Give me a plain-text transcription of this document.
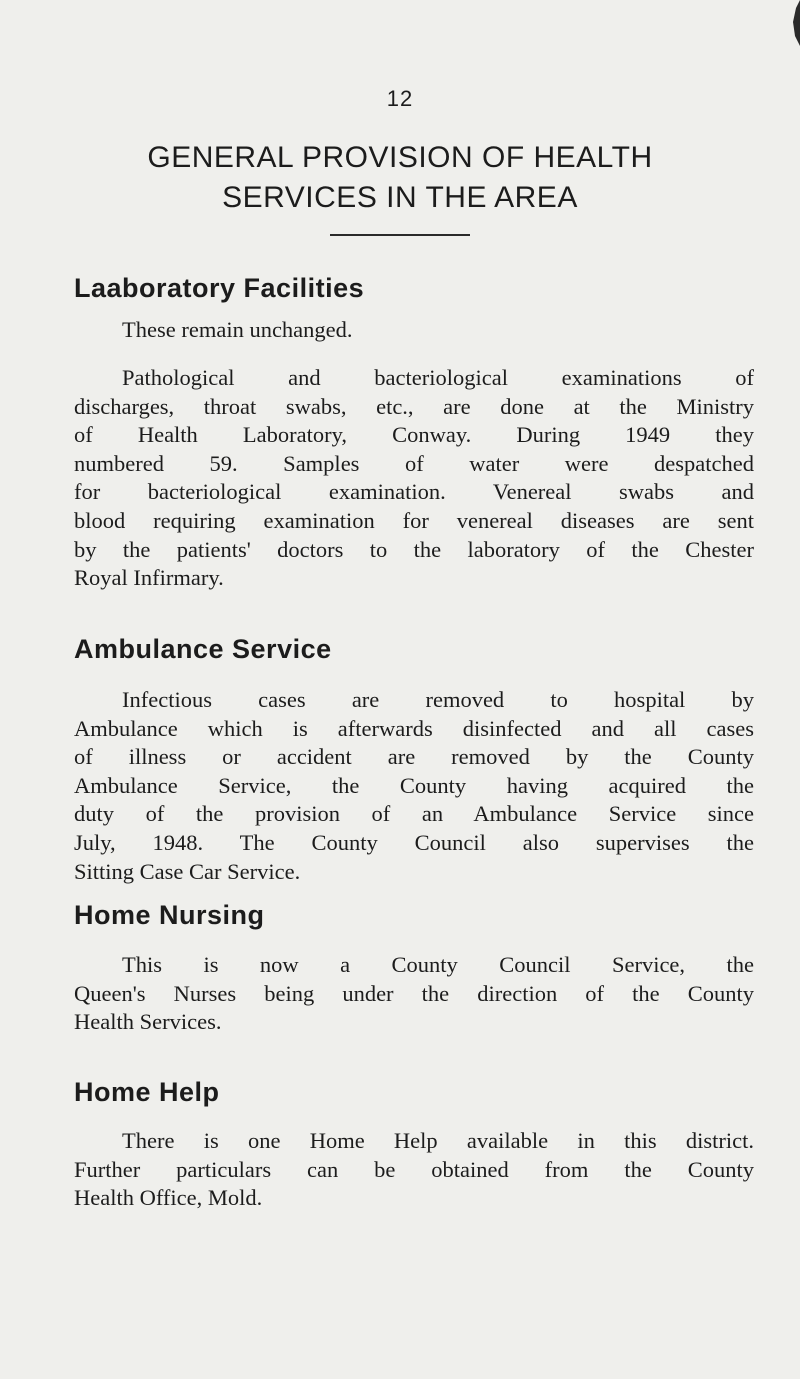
12
GENERAL PROVISION OF HEALTH
SERVICES IN THE AREA
Laaboratory Facilities

These remain unchanged.

Pathological and bacteriological examinations of
discharges, throat swabs, etc., are done at the Ministry
of Health Laboratory, Conway. During 1949 they
numbered 59. Samples of water were despatched
for bacteriological examination. Venereal swabs and
blood requiring examination for venereal diseases are sent
by the patients' doctors to the laboratory of the Chester
Royal Infirmary.

Ambulance Service

Infectious cases are removed to hospital by
Ambulance which is afterwards disinfected and all cases
of illness or accident are removed by the County
Ambulance Service, the County having acquired the
duty of the provision of an Ambulance Service since
July, 1948. The County Council also supervises the
Sitting Case Car Service.

Home Nursing

This is now a County Council Service, the
Queen's Nurses being under the direction of the County
Health Services.

Home Help

There is one Home Help available in this district.
Further particulars can be obtained from the County
Health Office, Mold.
